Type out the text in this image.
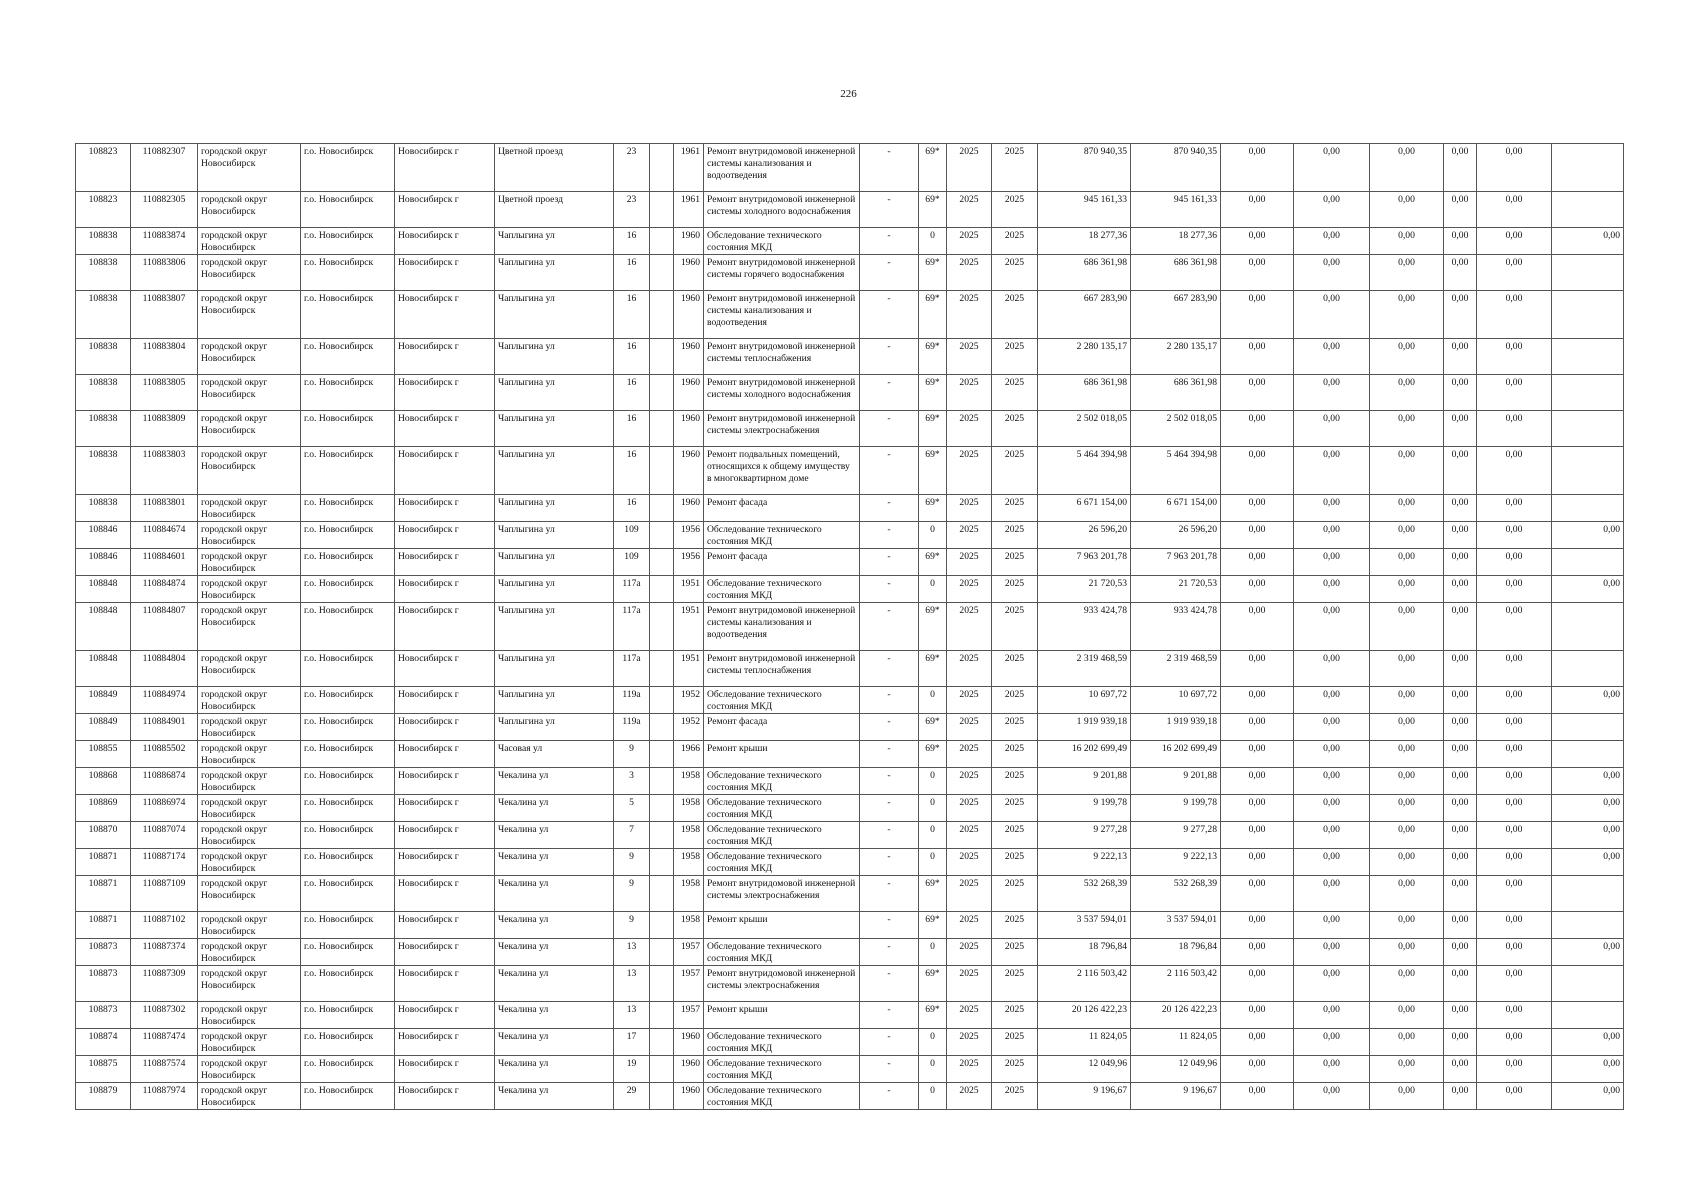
226
108823	110882307	городской округ Новосибирск	г.о. Новосибирск	Новосибирск г	Цветной проезд	23		1961	Ремонт внутридомовой инженерной системы канализования и водоотведения	-	69*	2025	2025	870 940,35	870 940,35	0,00	0,00	0,00	0,00	0,00	
108823	110882305	городской округ Новосибирск	г.о. Новосибирск	Новосибирск г	Цветной проезд	23		1961	Ремонт внутридомовой инженерной системы холодного водоснабжения	-	69*	2025	2025	945 161,33	945 161,33	0,00	0,00	0,00	0,00	0,00	
108838	110883874	городской округ Новосибирск	г.о. Новосибирск	Новосибирск г	Чаплыгина ул	16		1960	Обследование технического состояния МКД	-	0	2025	2025	18 277,36	18 277,36	0,00	0,00	0,00	0,00	0,00	0,00
108838	110883806	городской округ Новосибирск	г.о. Новосибирск	Новосибирск г	Чаплыгина ул	16		1960	Ремонт внутридомовой инженерной системы горячего водоснабжения	-	69*	2025	2025	686 361,98	686 361,98	0,00	0,00	0,00	0,00	0,00	
108838	110883807	городской округ Новосибирск	г.о. Новосибирск	Новосибирск г	Чаплыгина ул	16		1960	Ремонт внутридомовой инженерной системы канализования и водоотведения	-	69*	2025	2025	667 283,90	667 283,90	0,00	0,00	0,00	0,00	0,00	
108838	110883804	городской округ Новосибирск	г.о. Новосибирск	Новосибирск г	Чаплыгина ул	16		1960	Ремонт внутридомовой инженерной системы теплоснабжения	-	69*	2025	2025	2 280 135,17	2 280 135,17	0,00	0,00	0,00	0,00	0,00	
108838	110883805	городской округ Новосибирск	г.о. Новосибирск	Новосибирск г	Чаплыгина ул	16		1960	Ремонт внутридомовой инженерной системы холодного водоснабжения	-	69*	2025	2025	686 361,98	686 361,98	0,00	0,00	0,00	0,00	0,00	
108838	110883809	городской округ Новосибирск	г.о. Новосибирск	Новосибирск г	Чаплыгина ул	16		1960	Ремонт внутридомовой инженерной системы электроснабжения	-	69*	2025	2025	2 502 018,05	2 502 018,05	0,00	0,00	0,00	0,00	0,00	
108838	110883803	городской округ Новосибирск	г.о. Новосибирск	Новосибирск г	Чаплыгина ул	16		1960	Ремонт подвальных помещений, относящихся к общему имуществу в многоквартирном доме	-	69*	2025	2025	5 464 394,98	5 464 394,98	0,00	0,00	0,00	0,00	0,00	
108838	110883801	городской округ Новосибирск	г.о. Новосибирск	Новосибирск г	Чаплыгина ул	16		1960	Ремонт фасада	-	69*	2025	2025	6 671 154,00	6 671 154,00	0,00	0,00	0,00	0,00	0,00	
108846	110884674	городской округ Новосибирск	г.о. Новосибирск	Новосибирск г	Чаплыгина ул	109		1956	Обследование технического состояния МКД	-	0	2025	2025	26 596,20	26 596,20	0,00	0,00	0,00	0,00	0,00	0,00
108846	110884601	городской округ Новосибирск	г.о. Новосибирск	Новосибирск г	Чаплыгина ул	109		1956	Ремонт фасада	-	69*	2025	2025	7 963 201,78	7 963 201,78	0,00	0,00	0,00	0,00	0,00	
108848	110884874	городской округ Новосибирск	г.о. Новосибирск	Новосибирск г	Чаплыгина ул	117а		1951	Обследование технического состояния МКД	-	0	2025	2025	21 720,53	21 720,53	0,00	0,00	0,00	0,00	0,00	0,00
108848	110884807	городской округ Новосибирск	г.о. Новосибирск	Новосибирск г	Чаплыгина ул	117а		1951	Ремонт внутридомовой инженерной системы канализования и водоотведения	-	69*	2025	2025	933 424,78	933 424,78	0,00	0,00	0,00	0,00	0,00	
108848	110884804	городской округ Новосибирск	г.о. Новосибирск	Новосибирск г	Чаплыгина ул	117а		1951	Ремонт внутридомовой инженерной системы теплоснабжения	-	69*	2025	2025	2 319 468,59	2 319 468,59	0,00	0,00	0,00	0,00	0,00	
108849	110884974	городской округ Новосибирск	г.о. Новосибирск	Новосибирск г	Чаплыгина ул	119а		1952	Обследование технического состояния МКД	-	0	2025	2025	10 697,72	10 697,72	0,00	0,00	0,00	0,00	0,00	0,00
108849	110884901	городской округ Новосибирск	г.о. Новосибирск	Новосибирск г	Чаплыгина ул	119а		1952	Ремонт фасада	-	69*	2025	2025	1 919 939,18	1 919 939,18	0,00	0,00	0,00	0,00	0,00	
108855	110885502	городской округ Новосибирск	г.о. Новосибирск	Новосибирск г	Часовая ул	9		1966	Ремонт крыши	-	69*	2025	2025	16 202 699,49	16 202 699,49	0,00	0,00	0,00	0,00	0,00	
108868	110886874	городской округ Новосибирск	г.о. Новосибирск	Новосибирск г	Чекалина ул	3		1958	Обследование технического состояния МКД	-	0	2025	2025	9 201,88	9 201,88	0,00	0,00	0,00	0,00	0,00	0,00
108869	110886974	городской округ Новосибирск	г.о. Новосибирск	Новосибирск г	Чекалина ул	5		1958	Обследование технического состояния МКД	-	0	2025	2025	9 199,78	9 199,78	0,00	0,00	0,00	0,00	0,00	0,00
108870	110887074	городской округ Новосибирск	г.о. Новосибирск	Новосибирск г	Чекалина ул	7		1958	Обследование технического состояния МКД	-	0	2025	2025	9 277,28	9 277,28	0,00	0,00	0,00	0,00	0,00	0,00
108871	110887174	городской округ Новосибирск	г.о. Новосибирск	Новосибирск г	Чекалина ул	9		1958	Обследование технического состояния МКД	-	0	2025	2025	9 222,13	9 222,13	0,00	0,00	0,00	0,00	0,00	0,00
108871	110887109	городской округ Новосибирск	г.о. Новосибирск	Новосибирск г	Чекалина ул	9		1958	Ремонт внутридомовой инженерной системы электроснабжения	-	69*	2025	2025	532 268,39	532 268,39	0,00	0,00	0,00	0,00	0,00	
108871	110887102	городской округ Новосибирск	г.о. Новосибирск	Новосибирск г	Чекалина ул	9		1958	Ремонт крыши	-	69*	2025	2025	3 537 594,01	3 537 594,01	0,00	0,00	0,00	0,00	0,00	
108873	110887374	городской округ Новосибирск	г.о. Новосибирск	Новосибирск г	Чекалина ул	13		1957	Обследование технического состояния МКД	-	0	2025	2025	18 796,84	18 796,84	0,00	0,00	0,00	0,00	0,00	0,00
108873	110887309	городской округ Новосибирск	г.о. Новосибирск	Новосибирск г	Чекалина ул	13		1957	Ремонт внутридомовой инженерной системы электроснабжения	-	69*	2025	2025	2 116 503,42	2 116 503,42	0,00	0,00	0,00	0,00	0,00	
108873	110887302	городской округ Новосибирск	г.о. Новосибирск	Новосибирск г	Чекалина ул	13		1957	Ремонт крыши	-	69*	2025	2025	20 126 422,23	20 126 422,23	0,00	0,00	0,00	0,00	0,00	
108874	110887474	городской округ Новосибирск	г.о. Новосибирск	Новосибирск г	Чекалина ул	17		1960	Обследование технического состояния МКД	-	0	2025	2025	11 824,05	11 824,05	0,00	0,00	0,00	0,00	0,00	0,00
108875	110887574	городской округ Новосибирск	г.о. Новосибирск	Новосибирск г	Чекалина ул	19		1960	Обследование технического состояния МКД	-	0	2025	2025	12 049,96	12 049,96	0,00	0,00	0,00	0,00	0,00	0,00
108879	110887974	городской округ Новосибирск	г.о. Новосибирск	Новосибирск г	Чекалина ул	29		1960	Обследование технического состояния МКД	-	0	2025	2025	9 196,67	9 196,67	0,00	0,00	0,00	0,00	0,00	0,00
